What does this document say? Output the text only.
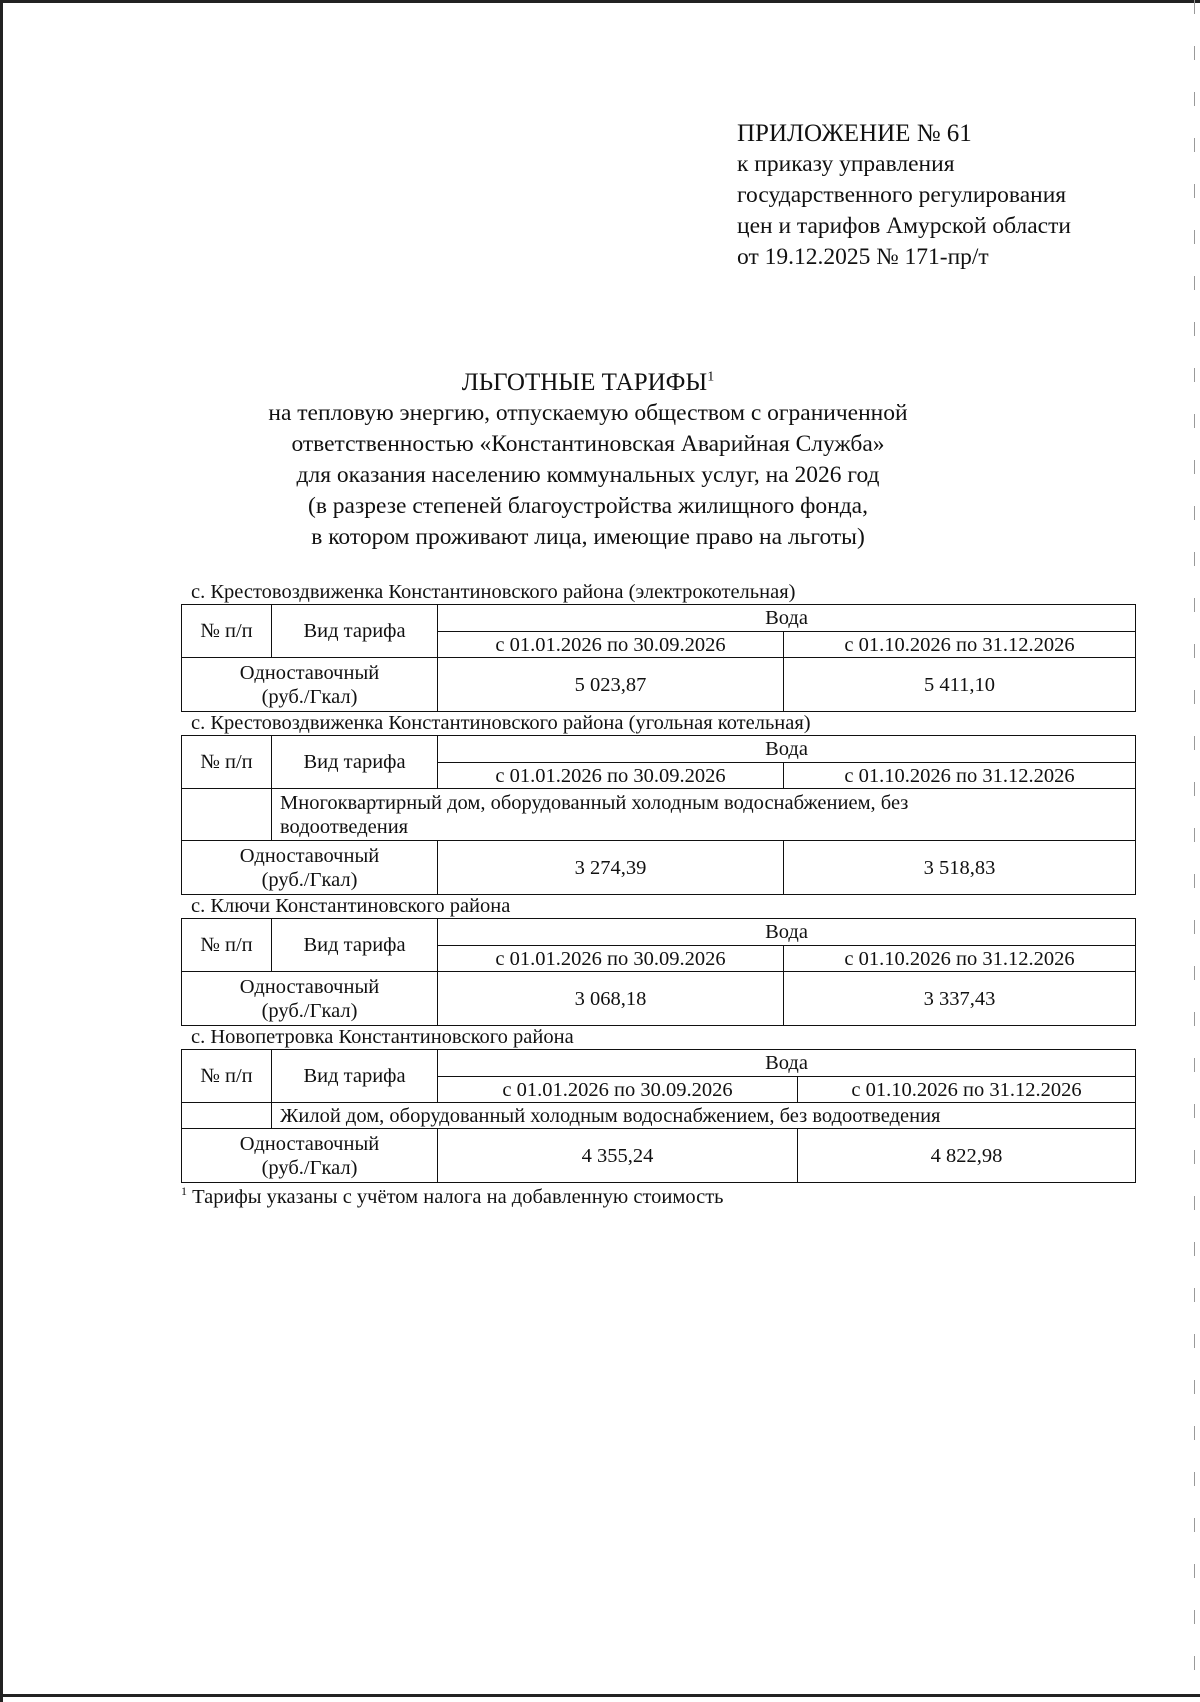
ПРИЛОЖЕНИЕ № 61
к приказу управления
государственного регулирования
цен и тарифов Амурской области
от 19.12.2025 № 171-пр/т
ЛЬГОТНЫЕ ТАРИФЫ$^1$
на тепловую энергию, отпускаемую обществом с ограниченной
ответственностью «Константиновская Аварийная Служба»
для оказания населению коммунальных услуг, на 2026 год
(в разрезе степеней благоустройства жилищного фонда,
в котором проживают лица, имеющие право на льготы)
с. Крестовоздвиженка Константиновского района (электрокотельная)
№ п/п	Вид тарифа	Вода	
		с 01.01.2026 по 30.09.2026	с 01.10.2026 по 31.12.2026

Одноставочный
(руб./Гкал)		5 023,87	5 411,10
с. Крестовоздвиженка Константиновского района (угольная котельная)
№ п/п	Вид тарифа	Вода	
		с 01.01.2026 по 30.09.2026	с 01.10.2026 по 31.12.2026

	Многоквартирный дом, оборудованный холодным водоснабжением, без
водоотведения		

Одноставочный
(руб./Гкал)		3 274,39	3 518,83
с. Ключи Константиновского района
№ п/п	Вид тарифа	Вода	
		с 01.01.2026 по 30.09.2026	с 01.10.2026 по 31.12.2026

Одноставочный
(руб./Гкал)		3 068,18	3 337,43
с. Новопетровка Константиновского района
№ п/п	Вид тарифа	Вода	
		с 01.01.2026 по 30.09.2026	с 01.10.2026 по 31.12.2026
	Жилой дом, оборудованный холодным водоснабжением, без водоотведения		

Одноставочный
(руб./Гкал)		4 355,24	4 822,98
$^1$ Тарифы указаны с учётом налога на добавленную стоимость
